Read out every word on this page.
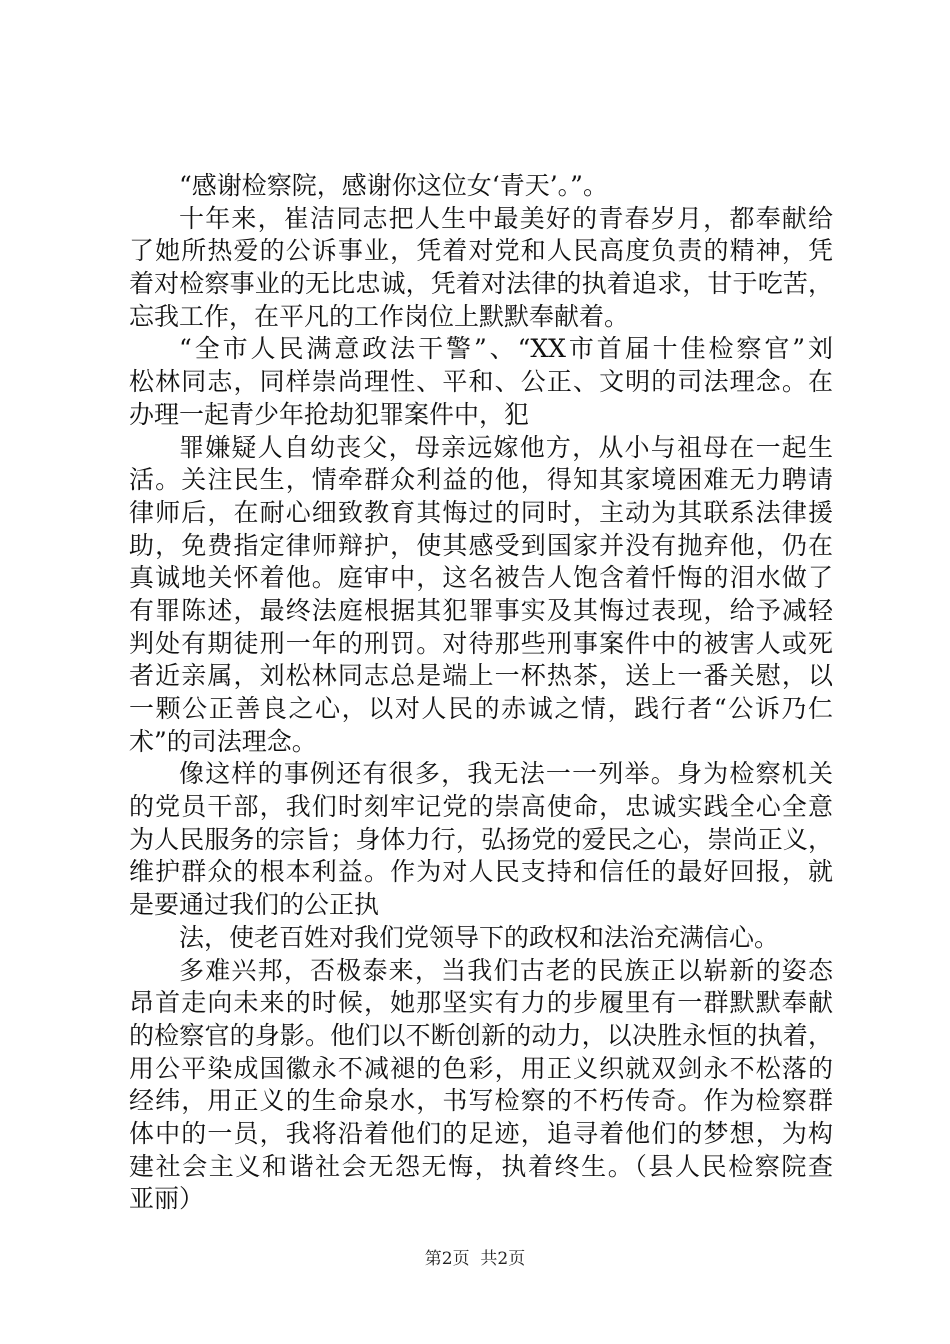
“感谢检察院，感谢你这位女‘青天’。”。
十年来，崔洁同志把人生中最美好的青春岁月，都奉献给
了她所热爱的公诉事业，凭着对党和人民高度负责的精神，凭
着对检察事业的无比忠诚，凭着对法律的执着追求，甘于吃苦，
忘我工作，在平凡的工作岗位上默默奉献着。
“全市人民满意政法干警”、“XX市首届十佳检察官”刘
松林同志，同样崇尚理性、平和、公正、文明的司法理念。在
办理一起青少年抢劫犯罪案件中，犯
罪嫌疑人自幼丧父，母亲远嫁他方，从小与祖母在一起生
活。关注民生，情牵群众利益的他，得知其家境困难无力聘请
律师后，在耐心细致教育其悔过的同时，主动为其联系法律援
助，免费指定律师辩护，使其感受到国家并没有抛弃他，仍在
真诚地关怀着他。庭审中，这名被告人饱含着忏悔的泪水做了
有罪陈述，最终法庭根据其犯罪事实及其悔过表现，给予减轻
判处有期徒刑一年的刑罚。对待那些刑事案件中的被害人或死
者近亲属，刘松林同志总是端上一杯热茶，送上一番关慰，以
一颗公正善良之心，以对人民的赤诚之情，践行者“公诉乃仁
术”的司法理念。
像这样的事例还有很多，我无法一一列举。身为检察机关
的党员干部，我们时刻牢记党的崇高使命，忠诚实践全心全意
为人民服务的宗旨；身体力行，弘扬党的爱民之心，崇尚正义，
维护群众的根本利益。作为对人民支持和信任的最好回报，就
是要通过我们的公正执
法，使老百姓对我们党领导下的政权和法治充满信心。
多难兴邦，否极泰来，当我们古老的民族正以崭新的姿态
昂首走向未来的时候，她那坚实有力的步履里有一群默默奉献
的检察官的身影。他们以不断创新的动力，以决胜永恒的执着，
用公平染成国徽永不减褪的色彩，用正义织就双剑永不松落的
经纬，用正义的生命泉水，书写检察的不朽传奇。作为检察群
体中的一员，我将沿着他们的足迹，追寻着他们的梦想，为构
建社会主义和谐社会无怨无悔，执着终生。（县人民检察院查
亚丽）
第2页  共2页
